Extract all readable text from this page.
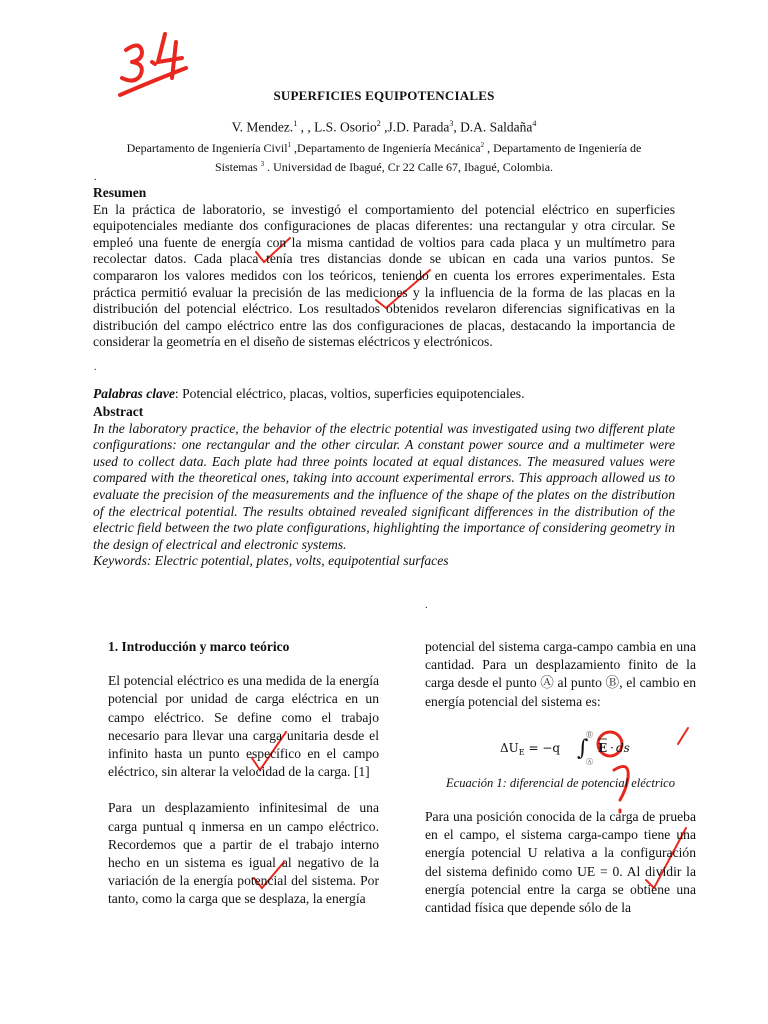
3.4
SUPERFICIES EQUIPOTENCIALES
V. Mendez.$^1$ , , L.S. Osorio$^2$ ,J.D. Parada$^3$, D.A. Saldaña$^4$
Departamento de Ingeniería Civil$^1$ ,Departamento de Ingeniería Mecánica$^2$ , Departamento de Ingeniería de Sistemas $^3$ . Universidad de Ibagué, Cr 22 Calle 67, Ibagué, Colombia.
.
Resumen
En la práctica de laboratorio, se investigó el comportamiento del potencial eléctrico en superficies equipotenciales mediante dos configuraciones de placas diferentes: una rectangular y otra circular. Se empleó una fuente de energía con la misma cantidad de voltios para cada placa y un multímetro para recolectar datos. Cada placa tenía tres distancias donde se ubican en cada una varios puntos. Se compararon los valores medidos con los teóricos, teniendo en cuenta los errores experimentales. Esta práctica permitió evaluar la precisión de las mediciones y la influencia de la forma de las placas en la distribución del potencial eléctrico. Los resultados obtenidos revelaron diferencias significativas en la distribución del campo eléctrico entre las dos configuraciones de placas, destacando la importancia de considerar la geometría en el diseño de sistemas eléctricos y electrónicos.
.
Palabras clave: Potencial eléctrico, placas, voltios, superficies equipotenciales.
Abstract
In the laboratory practice, the behavior of the electric potential was investigated using two different plate configurations: one rectangular and the other circular. A constant power source and a multimeter were used to collect data. Each plate had three points located at equal distances. The measured values were compared with the theoretical ones, taking into account experimental errors. This approach allowed us to evaluate the precision of the measurements and the influence of the shape of the plates on the distribution of the electrical potential. The results obtained revealed significant differences in the distribution of the electric field between the two plate configurations, highlighting the importance of considering geometry in the design of electrical and electronic systems.
Keywords: Electric potential, plates, volts, equipotential surfaces
.

1. Introducción y marco teórico

El potencial eléctrico es una medida de la energía potencial por unidad de carga eléctrica en un campo eléctrico. Se define como el trabajo necesario para llevar una carga unitaria desde el infinito hasta un punto específico en el campo eléctrico, sin alterar la velocidad de la carga. [1]

Para un desplazamiento infinitesimal de una carga puntual q inmersa en un campo eléctrico. Recordemos que a partir de el trabajo interno hecho en un sistema es igual al negativo de la variación de la energía potencial del sistema. Por tanto, como la carga que se desplaza, la energía

potencial del sistema carga-campo cambia en una cantidad. Para un desplazamiento finito de la carga desde el punto Ⓐ al punto Ⓑ, el cambio en energía potencial del sistema es:

$\Delta U_E = -q$ ∫
Ⓑ
Ⓐ
E · ds
Ecuación 1: diferencial de potencial eléctrico

Para una posición conocida de la carga de prueba en el campo, el sistema carga-campo tiene una energía potencial U relativa a la configuración del sistema definido como UE = 0. Al dividir la energía potencial entre la carga se obtiene una cantidad física que depende sólo de la
